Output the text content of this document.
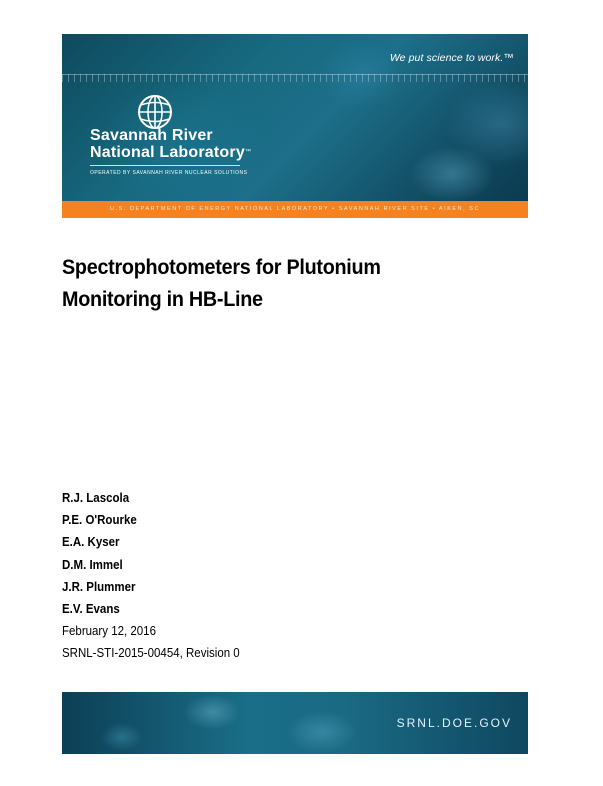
We put science to work.™
Savannah River
National Laboratory™
OPERATED BY SAVANNAH RIVER NUCLEAR SOLUTIONS
U.S. DEPARTMENT OF ENERGY NATIONAL LABORATORY • SAVANNAH RIVER SITE • AIKEN, SC
Spectrophotometers for Plutonium
Monitoring in HB-Line
R.J. Lascola
P.E. O'Rourke
E.A. Kyser
D.M. Immel
J.R. Plummer
E.V. Evans
February 12, 2016
SRNL-STI-2015-00454, Revision 0
SRNL.DOE.GOV
